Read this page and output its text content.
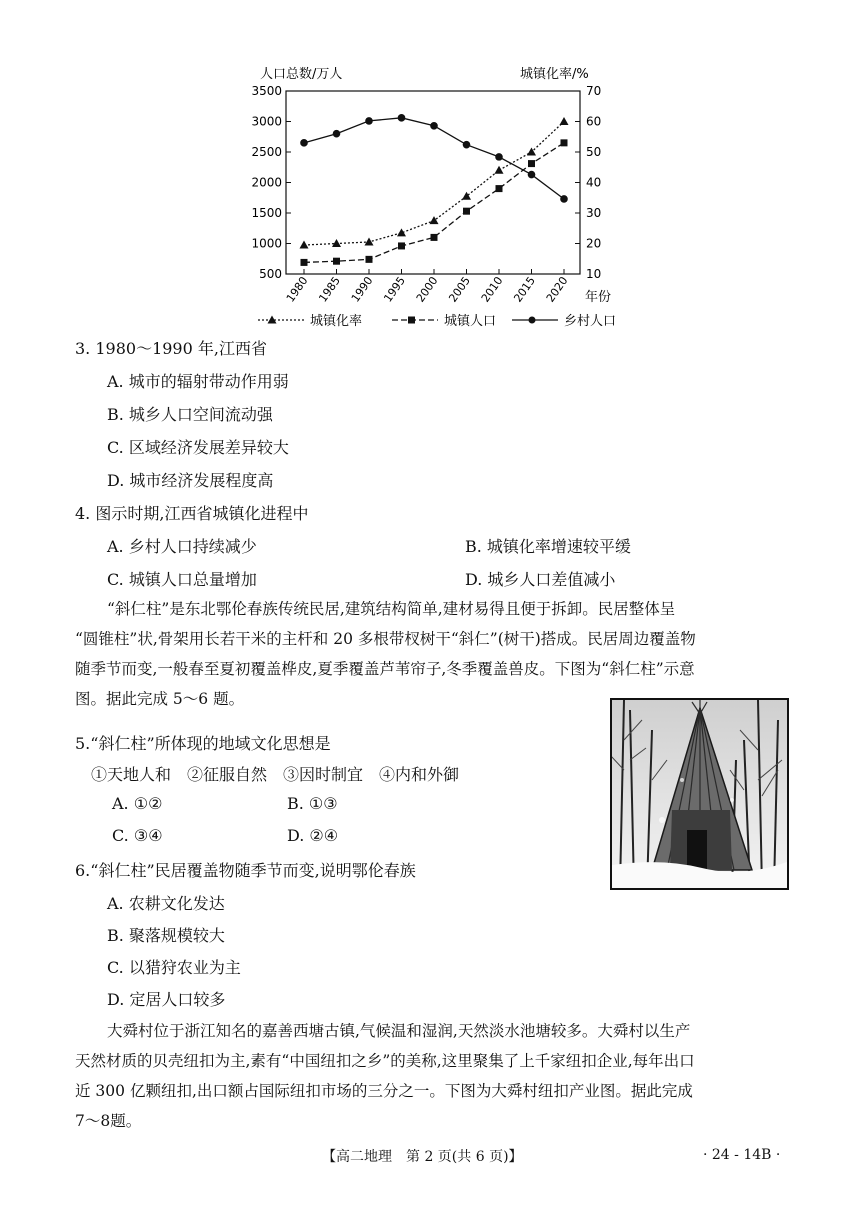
500
1000
1500
2000
2500
3000
3500
10
20
30
40
50
60
70
1980 1985 1990 1995 2000 2005 2010 2015 2020
人口总数/万人	城镇化率/%
年份
城镇化率	城镇人口	乡村人口
3. 1980～1990 年,江西省
A. 城市的辐射带动作用弱
B. 城乡人口空间流动强
C. 区域经济发展差异较大
D. 城市经济发展程度高
4. 图示时期,江西省城镇化进程中
A. 乡村人口持续减少	B. 城镇化率增速较平缓
C. 城镇人口总量增加	D. 城乡人口差值减小
“斜仁柱”是东北鄂伦春族传统民居,建筑结构简单,建材易得且便于拆卸。民居整体呈
“圆锥柱”状,骨架用长若干米的主杆和 20 多根带杈树干“斜仁”(树干)搭成。民居周边覆盖物
随季节而变,一般春至夏初覆盖桦皮,夏季覆盖芦苇帘子,冬季覆盖兽皮。下图为“斜仁柱”示意
图。据此完成 5～6 题。
5.“斜仁柱”所体现的地域文化思想是
①天地人和　②征服自然　③因时制宜　④内和外御
A. ①②	B. ①③
C. ③④	D. ②④
6.“斜仁柱”民居覆盖物随季节而变,说明鄂伦春族
A. 农耕文化发达
B. 聚落规模较大
C. 以猎狩农业为主
D. 定居人口较多
大舜村位于浙江知名的嘉善西塘古镇,气候温和湿润,天然淡水池塘较多。大舜村以生产
天然材质的贝壳纽扣为主,素有“中国纽扣之乡”的美称,这里聚集了上千家纽扣企业,每年出口
近 300 亿颗纽扣,出口额占国际纽扣市场的三分之一。下图为大舜村纽扣产业图。据此完成
7～8题。
【高二地理　第 2 页(共 6 页)】	· 24 - 14B ·
